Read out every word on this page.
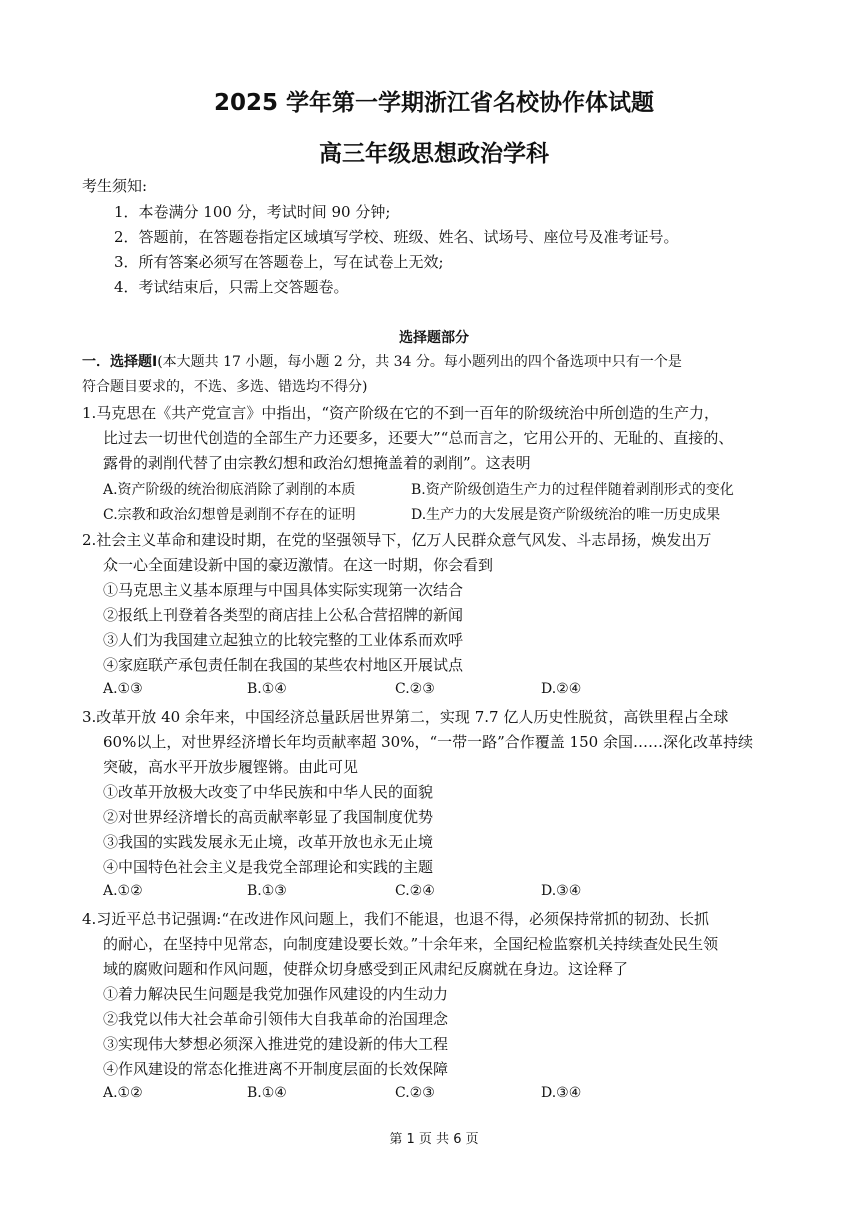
2025 学年第一学期浙江省名校协作体试题
高三年级思想政治学科
考生须知:
1．本卷满分 100 分，考试时间 90 分钟;
2．答题前，在答题卷指定区域填写学校、班级、姓名、试场号、座位号及准考证号。
3．所有答案必须写在答题卷上，写在试卷上无效;
4．考试结束后，只需上交答题卷。
选择题部分
一．选择题Ⅰ(本大题共 17 小题，每小题 2 分，共 34 分。每小题列出的四个备选项中只有一个是
符合题目要求的，不选、多选、错选均不得分)
1.马克思在《共产党宣言》中指出，“资产阶级在它的不到一百年的阶级统治中所创造的生产力，
比过去一切世代创造的全部生产力还要多，还要大”“总而言之，它用公开的、无耻的、直接的、
露骨的剥削代替了由宗教幻想和政治幻想掩盖着的剥削”。这表明
A.资产阶级的统治彻底消除了剥削的本质	B.资产阶级创造生产力的过程伴随着剥削形式的变化
C.宗教和政治幻想曾是剥削不存在的证明	D.生产力的大发展是资产阶级统治的唯一历史成果
2.社会主义革命和建设时期，在党的坚强领导下，亿万人民群众意气风发、斗志昂扬，焕发出万
众一心全面建设新中国的豪迈激情。在这一时期，你会看到
①马克思主义基本原理与中国具体实际实现第一次结合
②报纸上刊登着各类型的商店挂上公私合营招牌的新闻
③人们为我国建立起独立的比较完整的工业体系而欢呼
④家庭联产承包责任制在我国的某些农村地区开展试点
A.①③	B.①④	C.②③	D.②④
3.改革开放 40 余年来，中国经济总量跃居世界第二，实现 7.7 亿人历史性脱贫，高铁里程占全球
60%以上，对世界经济增长年均贡献率超 30%，“一带一路”合作覆盖 150 余国……深化改革持续
突破，高水平开放步履铿锵。由此可见
①改革开放极大改变了中华民族和中华人民的面貌
②对世界经济增长的高贡献率彰显了我国制度优势
③我国的实践发展永无止境，改革开放也永无止境
④中国特色社会主义是我党全部理论和实践的主题
A.①②	B.①③	C.②④	D.③④
4.习近平总书记强调:“在改进作风问题上，我们不能退，也退不得，必须保持常抓的韧劲、长抓
的耐心，在坚持中见常态，向制度建设要长效。”十余年来，全国纪检监察机关持续查处民生领
域的腐败问题和作风问题，使群众切身感受到正风肃纪反腐就在身边。这诠释了
①着力解决民生问题是我党加强作风建设的内生动力
②我党以伟大社会革命引领伟大自我革命的治国理念
③实现伟大梦想必须深入推进党的建设新的伟大工程
④作风建设的常态化推进离不开制度层面的长效保障
A.①②	B.①④	C.②③	D.③④
第 1 页 共 6 页
